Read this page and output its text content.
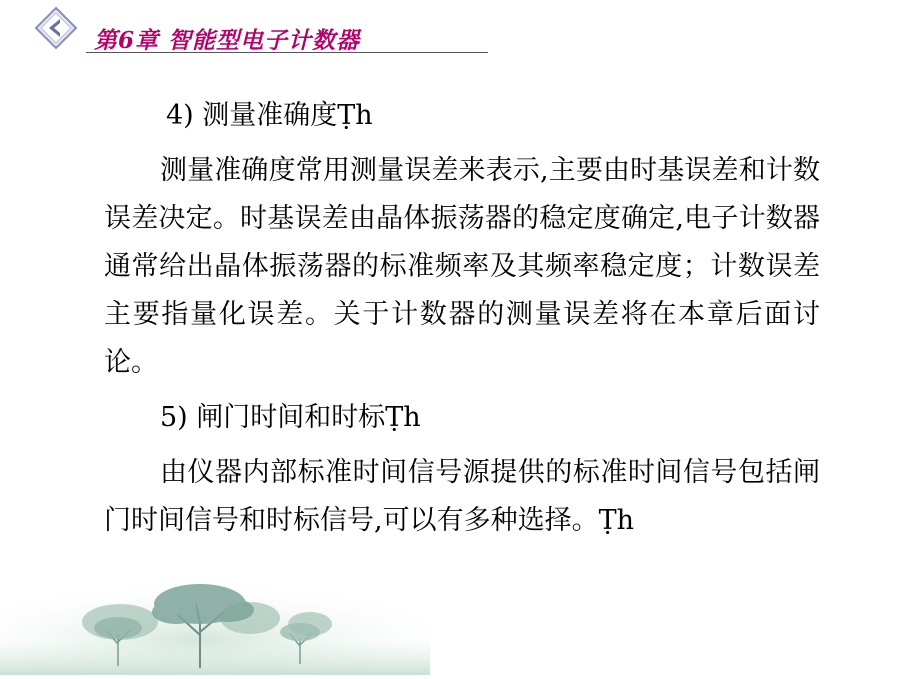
第6章 智能型电子计数器

4) 测量准确度Ṭh

测量准确度常用测量误差来表示,主要由时基误差和计数误差决定。时基误差由晶体振荡器的稳定度确定,电子计数器通常给出晶体振荡器的标准频率及其频率稳定度；计数误差主要指量化误差。关于计数器的测量误差将在本章后面讨论。

5) 闸门时间和时标Ṭh

由仪器内部标准时间信号源提供的标准时间信号包括闸门时间信号和时标信号,可以有多种选择。Ṭh
